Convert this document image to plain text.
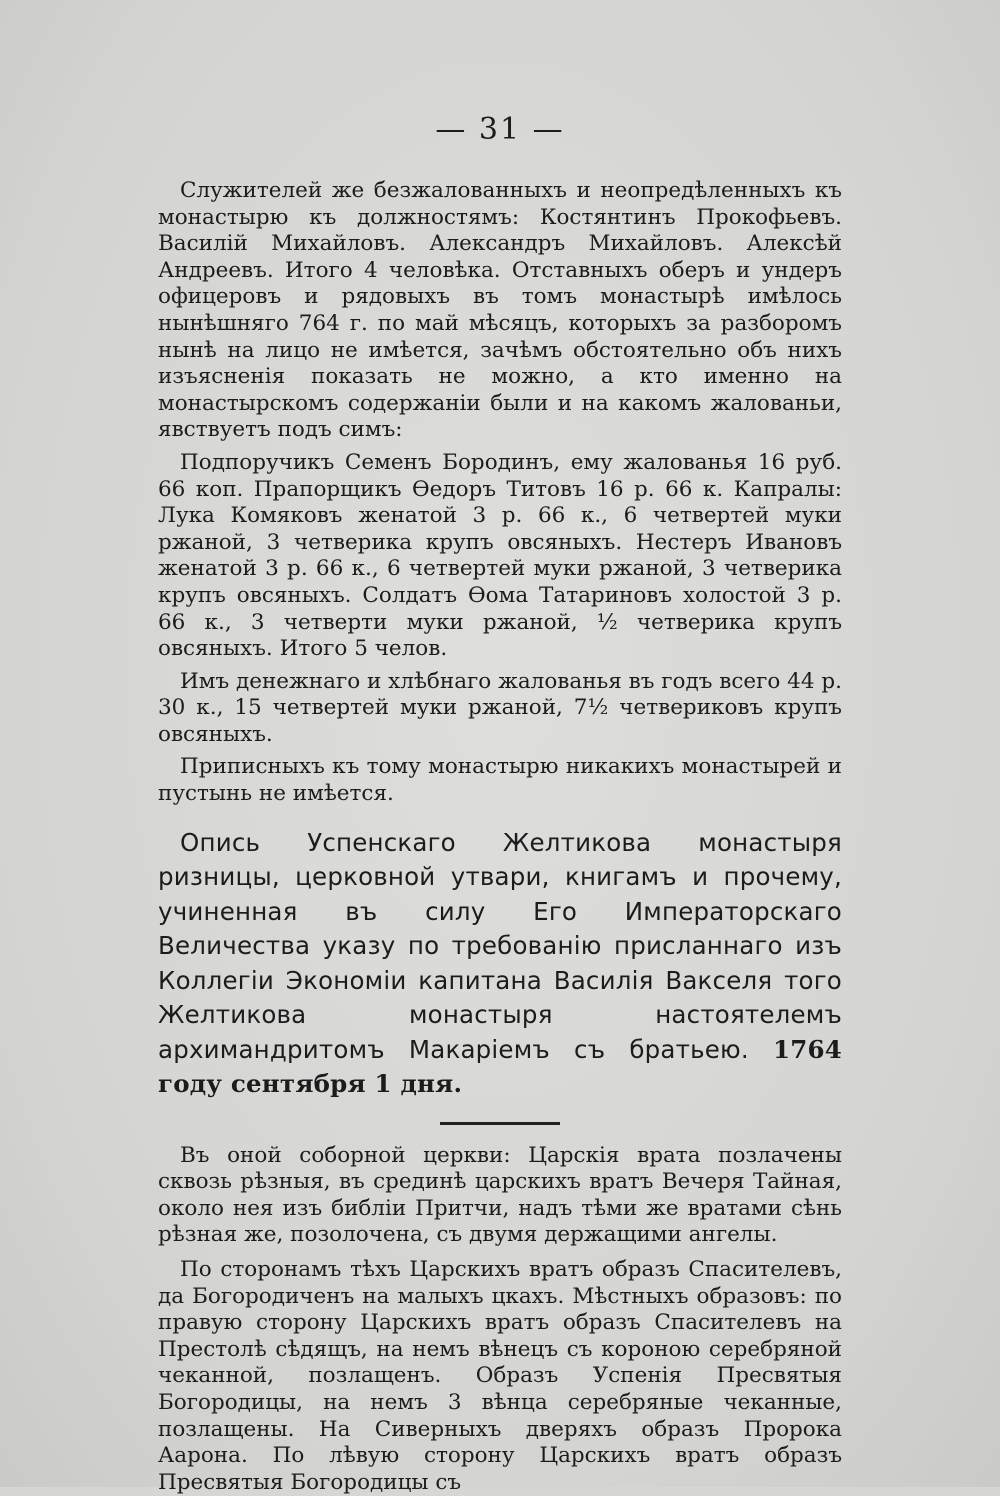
— 31 —

Служителей же безжалованныхъ и неопредѣленныхъ къ монастырю къ должностямъ: Костянтинъ Прокофьевъ. Василій Михайловъ. Александръ Михайловъ. Алексѣй Андреевъ. Итого 4 человѣка. Отставныхъ оберъ и ундеръ офицеровъ и рядовыхъ въ томъ монастырѣ имѣлось нынѣшняго 764 г. по май мѣсяцъ, которыхъ за разборомъ нынѣ на лицо не имѣется, зачѣмъ обстоятельно объ нихъ изъясненія показать не можно, а кто именно на монастырскомъ содержаніи были и на какомъ жалованьи, явствуетъ подъ симъ:

Подпоручикъ Семенъ Бородинъ, ему жалованья 16 руб. 66 коп. Прапорщикъ Ѳедоръ Титовъ 16 р. 66 к. Капралы: Лука Комяковъ женатой 3 р. 66 к., 6 четвертей муки ржаной, 3 четверика крупъ овсяныхъ. Нестеръ Ивановъ женатой 3 р. 66 к., 6 четвертей муки ржаной, 3 четверика крупъ овсяныхъ. Солдатъ Ѳома Татариновъ холостой 3 р. 66 к., 3 четверти муки ржаной, ½ четверика крупъ овсяныхъ. Итого 5 челов.

Имъ денежнаго и хлѣбнаго жалованья въ годъ всего 44 р. 30 к., 15 четвертей муки ржаной, 7½ четвериковъ крупъ овсяныхъ.

Приписныхъ къ тому монастырю никакихъ монастырей и пустынь не имѣется.

Опись Успенскаго Желтикова монастыря ризницы, церковной утвари, книгамъ и прочему, учиненная въ силу Его Императорскаго Величества указу по требованію присланнаго изъ Коллегіи Экономіи капитана Василія Вакселя того Желтикова монастыря настоятелемъ архимандритомъ Макаріемъ съ братьею. 1764 году сентября 1 дня.

Въ оной соборной церкви: Царскія врата позлачены сквозь рѣзныя, въ срединѣ царскихъ вратъ Вечеря Тайная, около нея изъ библіи Притчи, надъ тѣми же вратами сѣнь рѣзная же, позолочена, съ двумя держащими ангелы.

По сторонамъ тѣхъ Царскихъ вратъ образъ Спасителевъ, да Богородиченъ на малыхъ цкахъ. Мѣстныхъ образовъ: по правую сторону Царскихъ вратъ образъ Спасителевъ на Престолѣ сѣдящъ, на немъ вѣнецъ съ короною серебряной чеканной, позлащенъ. Образъ Успенія Пресвятыя Богородицы, на немъ 3 вѣнца серебряные чеканные, позлащены. На Сиверныхъ дверяхъ образъ Пророка Аарона. По лѣвую сторону Царскихъ вратъ образъ Пресвятыя Богородицы съ
